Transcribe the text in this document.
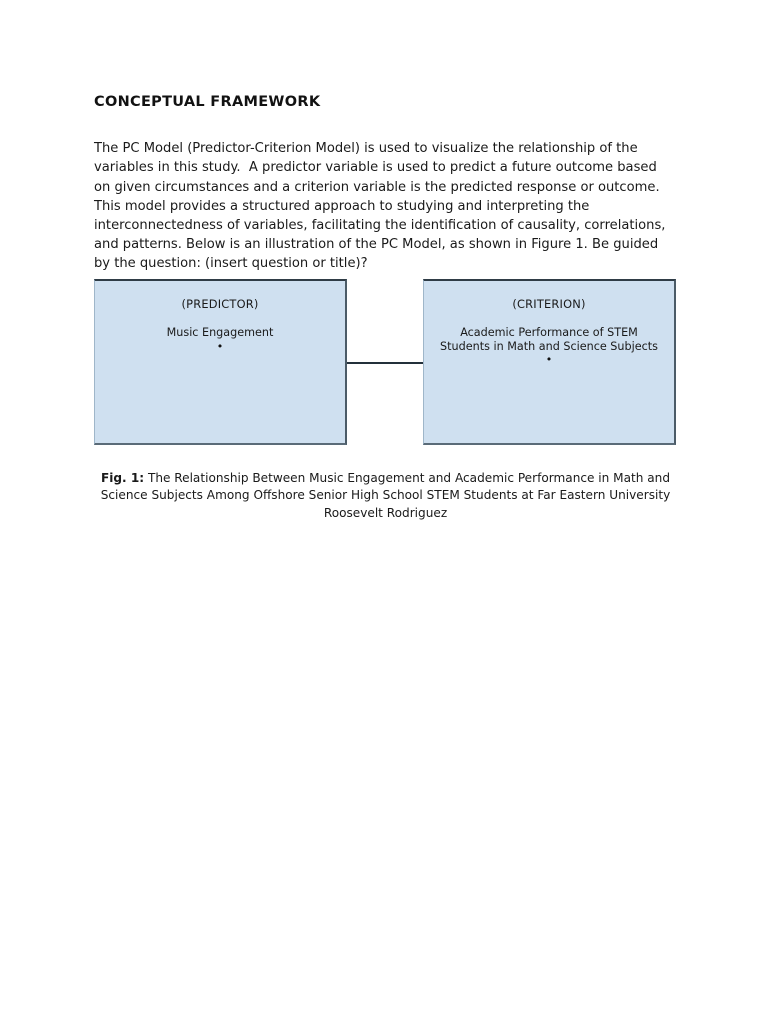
CONCEPTUAL FRAMEWORK

The PC Model (Predictor-Criterion Model) is used to visualize the relationship of the variables in this study.  A predictor variable is used to predict a future outcome based on given circumstances and a criterion variable is the predicted response or outcome. This model provides a structured approach to studying and interpreting the interconnectedness of variables, facilitating the identification of causality, correlations, and patterns. Below is an illustration of the PC Model, as shown in Figure 1. Be guided by the question: (insert question or title)?

(PREDICTOR)
Music Engagement
•
(CRITERION)
Academic Performance of STEM Students in Math and Science Subjects
•
Fig. 1: The Relationship Between Music Engagement and Academic Performance in Math and Science Subjects Among Offshore Senior High School STEM Students at Far Eastern University Roosevelt Rodriguez
